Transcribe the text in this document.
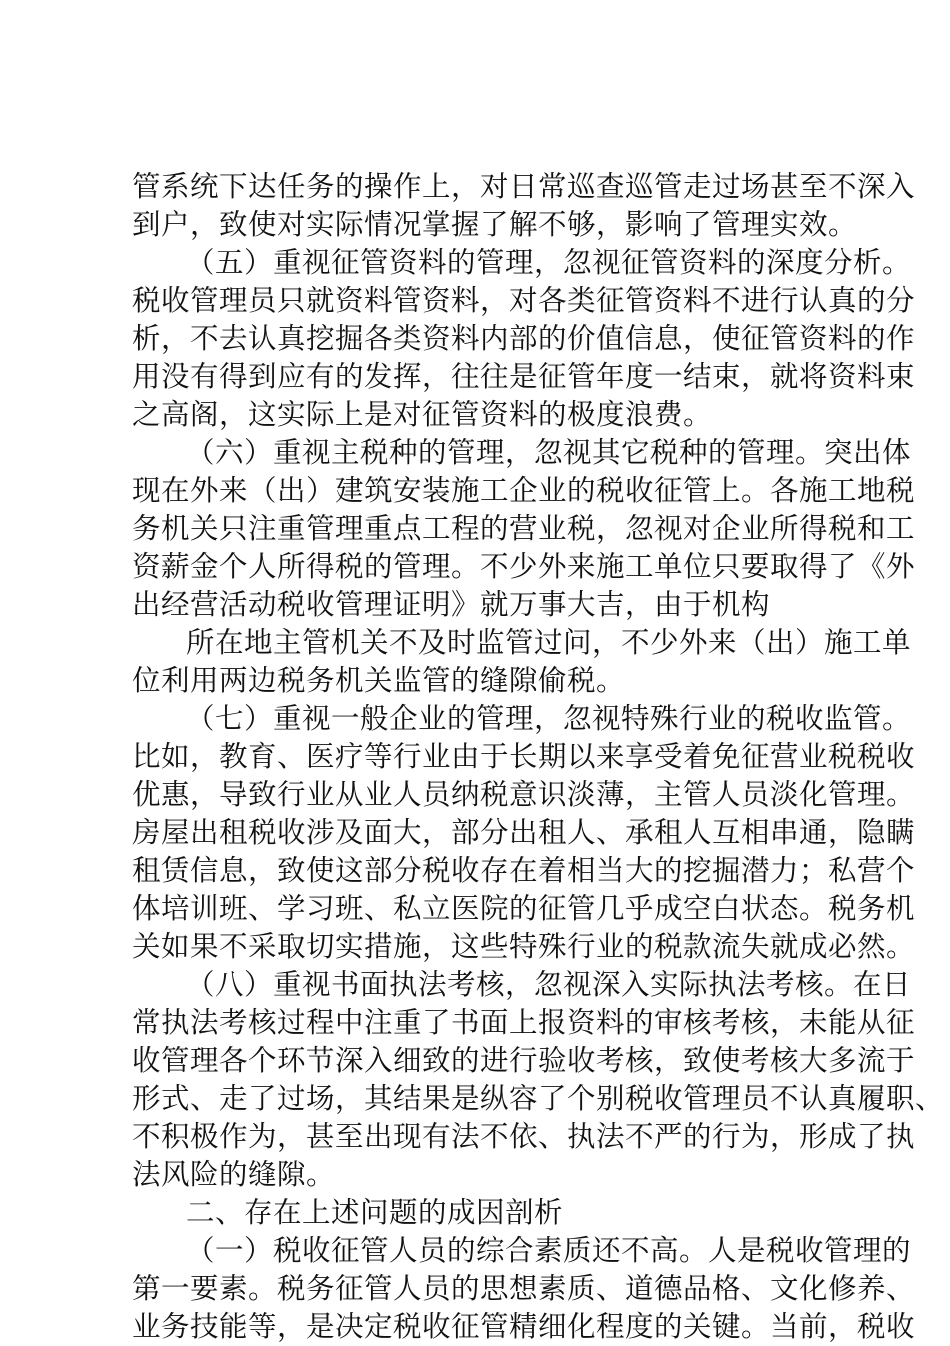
管系统下达任务的操作上，对日常巡查巡管走过场甚至不深入
到户，致使对实际情况掌握了解不够，影响了管理实效。
（五）重视征管资料的管理，忽视征管资料的深度分析。
税收管理员只就资料管资料，对各类征管资料不进行认真的分
析，不去认真挖掘各类资料内部的价值信息，使征管资料的作
用没有得到应有的发挥，往往是征管年度一结束，就将资料束
之高阁，这实际上是对征管资料的极度浪费。
（六）重视主税种的管理，忽视其它税种的管理。突出体
现在外来（出）建筑安装施工企业的税收征管上。各施工地税
务机关只注重管理重点工程的营业税，忽视对企业所得税和工
资薪金个人所得税的管理。不少外来施工单位只要取得了《外
出经营活动税收管理证明》就万事大吉，由于机构
所在地主管机关不及时监管过问，不少外来（出）施工单
位利用两边税务机关监管的缝隙偷税。
（七）重视一般企业的管理，忽视特殊行业的税收监管。
比如，教育、医疗等行业由于长期以来享受着免征营业税税收
优惠，导致行业从业人员纳税意识淡薄，主管人员淡化管理。
房屋出租税收涉及面大，部分出租人、承租人互相串通，隐瞒
租赁信息，致使这部分税收存在着相当大的挖掘潜力；私营个
体培训班、学习班、私立医院的征管几乎成空白状态。税务机
关如果不采取切实措施，这些特殊行业的税款流失就成必然。
（八）重视书面执法考核，忽视深入实际执法考核。在日
常执法考核过程中注重了书面上报资料的审核考核，未能从征
收管理各个环节深入细致的进行验收考核，致使考核大多流于
形式、走了过场，其结果是纵容了个别税收管理员不认真履职、
不积极作为，甚至出现有法不依、执法不严的行为，形成了执
法风险的缝隙。
二、存在上述问题的成因剖析
（一）税收征管人员的综合素质还不高。人是税收管理的
第一要素。税务征管人员的思想素质、道德品格、文化修养、
业务技能等，是决定税收征管精细化程度的关键。当前，税收
